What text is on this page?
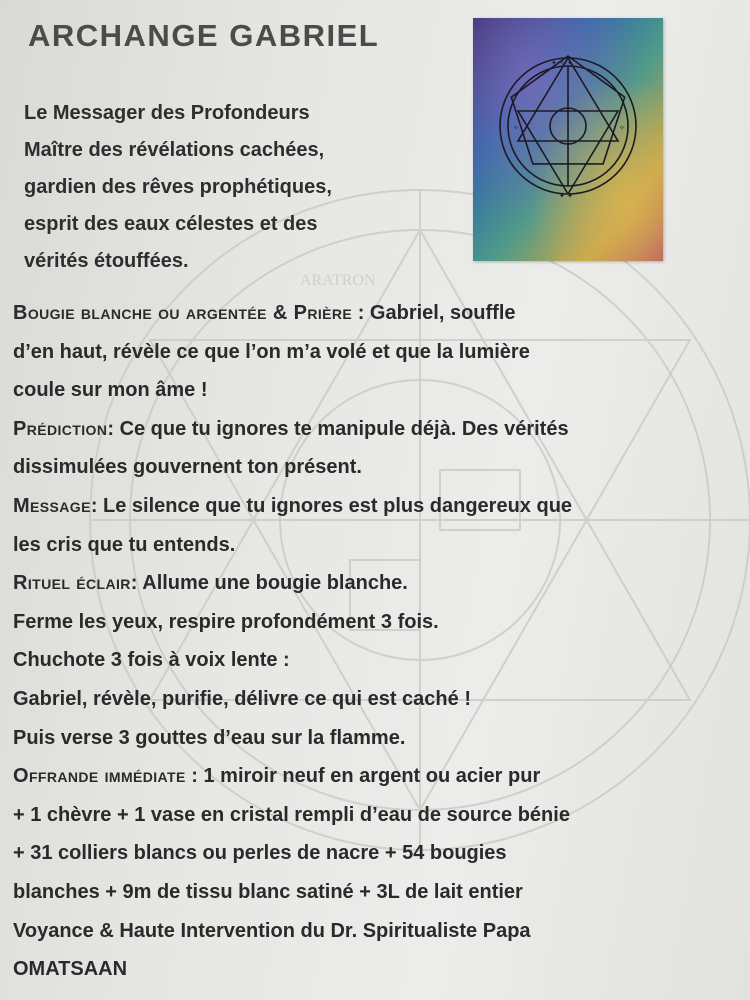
ARATRON
ARCHANGE GABRIEL
Le Messager des Profondeurs
Maître des révélations cachées,
gardien des rêves prophétiques,
esprit des eaux célestes et des
vérités étouffées.
✦ ✧ ✦
✧	✧
✦ ✦
Bougie blanche ou argentée & Prière : Gabriel, souffle
d’en haut, révèle ce que l’on m’a volé et que la lumière
coule sur mon âme !
Prédiction: Ce que tu ignores te manipule déjà. Des vérités
dissimulées gouvernent ton présent.
Message: Le silence que tu ignores est plus dangereux que
les cris que tu entends.
Rituel éclair: Allume une bougie blanche.
Ferme les yeux, respire profondément 3 fois.
Chuchote 3 fois à voix lente :
Gabriel, révèle, purifie, délivre ce qui est caché !
Puis verse 3 gouttes d’eau sur la flamme.
Offrande immédiate : 1 miroir neuf en argent ou acier pur
+ 1 chèvre + 1 vase en cristal rempli d’eau de source bénie
+ 31 colliers blancs ou perles de nacre + 54 bougies
blanches + 9m de tissu blanc satiné + 3L de lait entier
Voyance & Haute Intervention du Dr. Spiritualiste Papa
OMATSAAN
